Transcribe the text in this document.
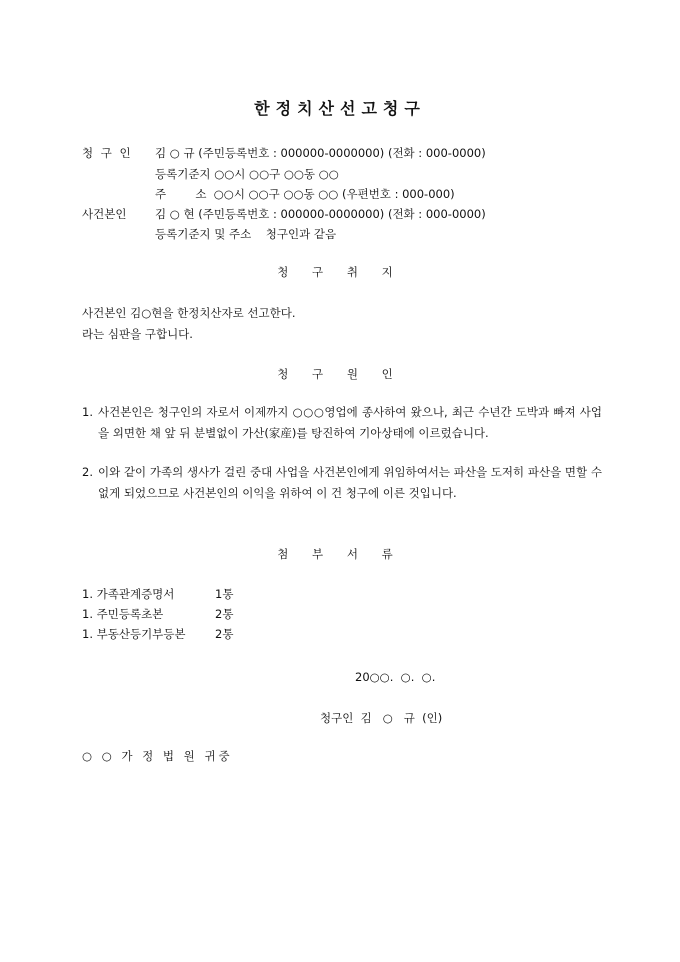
한정치산선고청구
청 구 인 김 ○ 규 (주민등록번호 : 000000-0000000) (전화 : 000-0000)
등록기준지 ○○시 ○○구 ○○동 ○○
주        소  ○○시 ○○구 ○○동 ○○ (우편번호 : 000-000)
사건본인 김 ○ 현 (주민등록번호 : 000000-0000000) (전화 : 000-0000)
등록기준지 및 주소    청구인과 같음
청 구 취 지
사건본인 김○현을 한정치산자로 선고한다.
라는 심판을 구합니다.
청 구 원 인
1. 사건본인은 청구인의 자로서 이제까지 ○○○영업에 종사하여 왔으나, 최근 수년간 도박과 빠져 사업을 외면한 채 앞 뒤 분별없이 가산(家産)를 탕진하여 기아상태에 이르렀습니다.
2. 이와 같이 가족의 생사가 걸린 중대 사업을 사건본인에게 위임하여서는 파산을 도저히 파산을 면할 수 없게 되었으므로 사건본인의 이익을 위하여 이 건 청구에 이른 것입니다.
첨 부 서 류
1. 가족관계증명서	1통
1. 주민등록초본	2통
1. 부동산등기부등본	2통
20○○.  ○.  ○.
청구인  김   ○   규  (인)
○ ○ 가 정 법 원 귀중
